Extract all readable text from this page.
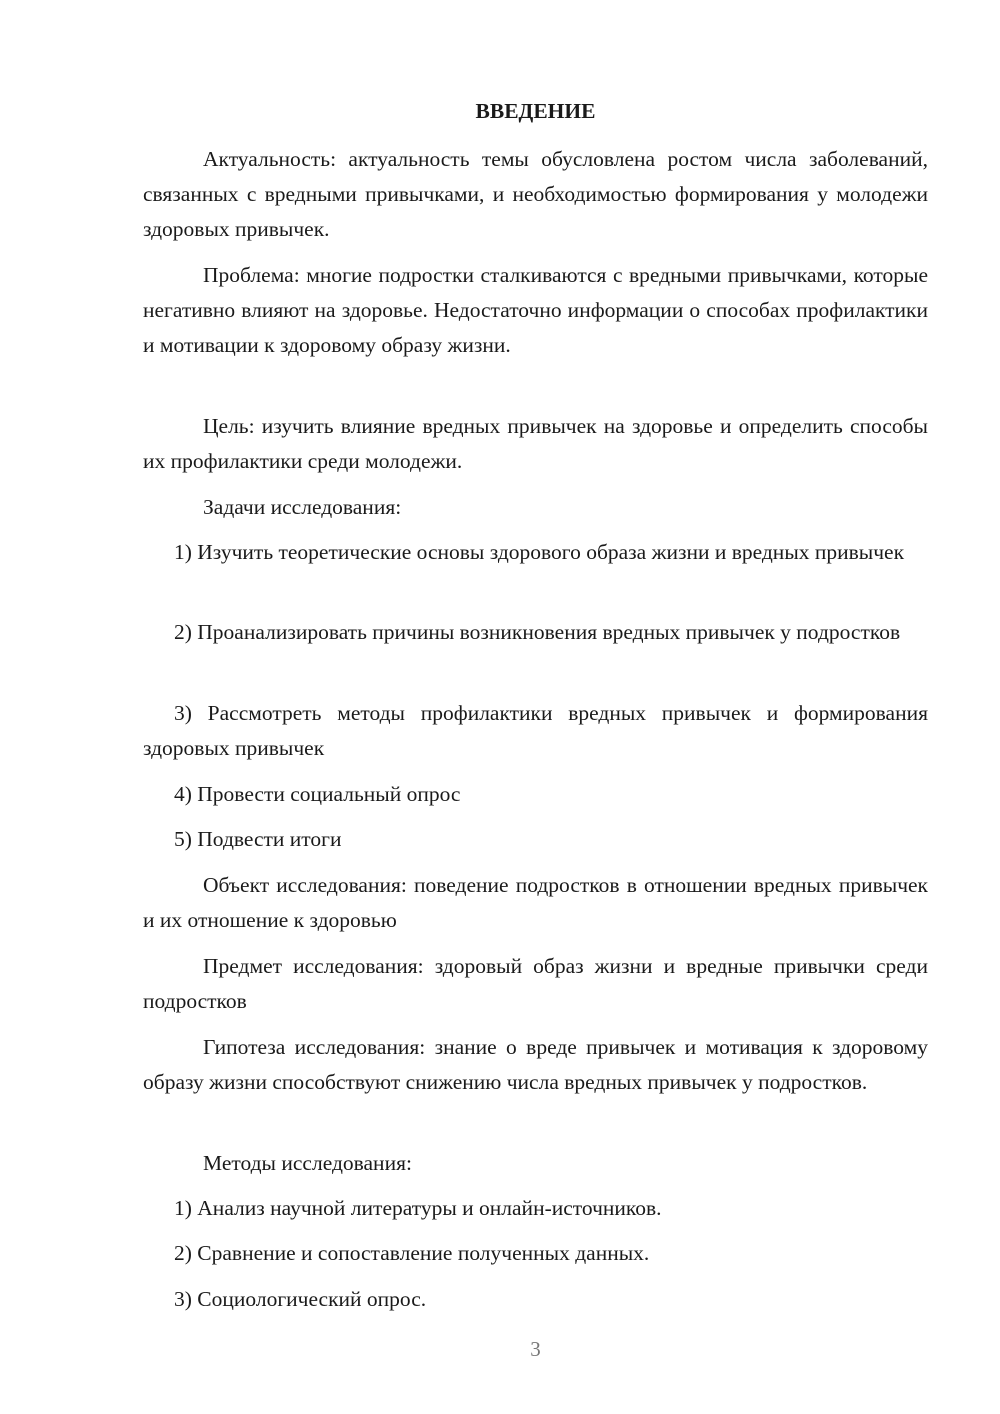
ВВЕДЕНИЕ

Актуальность: актуальность темы обусловлена ростом числа заболеваний, связанных с вредными привычками, и необходимостью формирования у молодежи здоровых привычек.

Проблема: многие подростки сталкиваются с вредными привычками, которые негативно влияют на здоровье. Недостаточно информации о способах профилактики и мотивации к здоровому образу жизни.

Цель: изучить влияние вредных привычек на здоровье и определить способы их профилактики среди молодежи.

Задачи исследования:

1) Изучить теоретические основы здорового образа жизни и вредных привычек

2) Проанализировать причины возникновения вредных привычек у подростков

3) Рассмотреть методы профилактики вредных привычек и формирования здоровых привычек

4) Провести социальный опрос

5) Подвести итоги

Объект исследования: поведение подростков в отношении вредных привычек и их отношение к здоровью

Предмет исследования: здоровый образ жизни и вредные привычки среди подростков

Гипотеза исследования: знание о вреде привычек и мотивация к здоровому образу жизни способствуют снижению числа вредных привычек у подростков.

Методы исследования:

1) Анализ научной литературы и онлайн-источников.

2) Сравнение и сопоставление полученных данных.

3) Социологический опрос.

3
